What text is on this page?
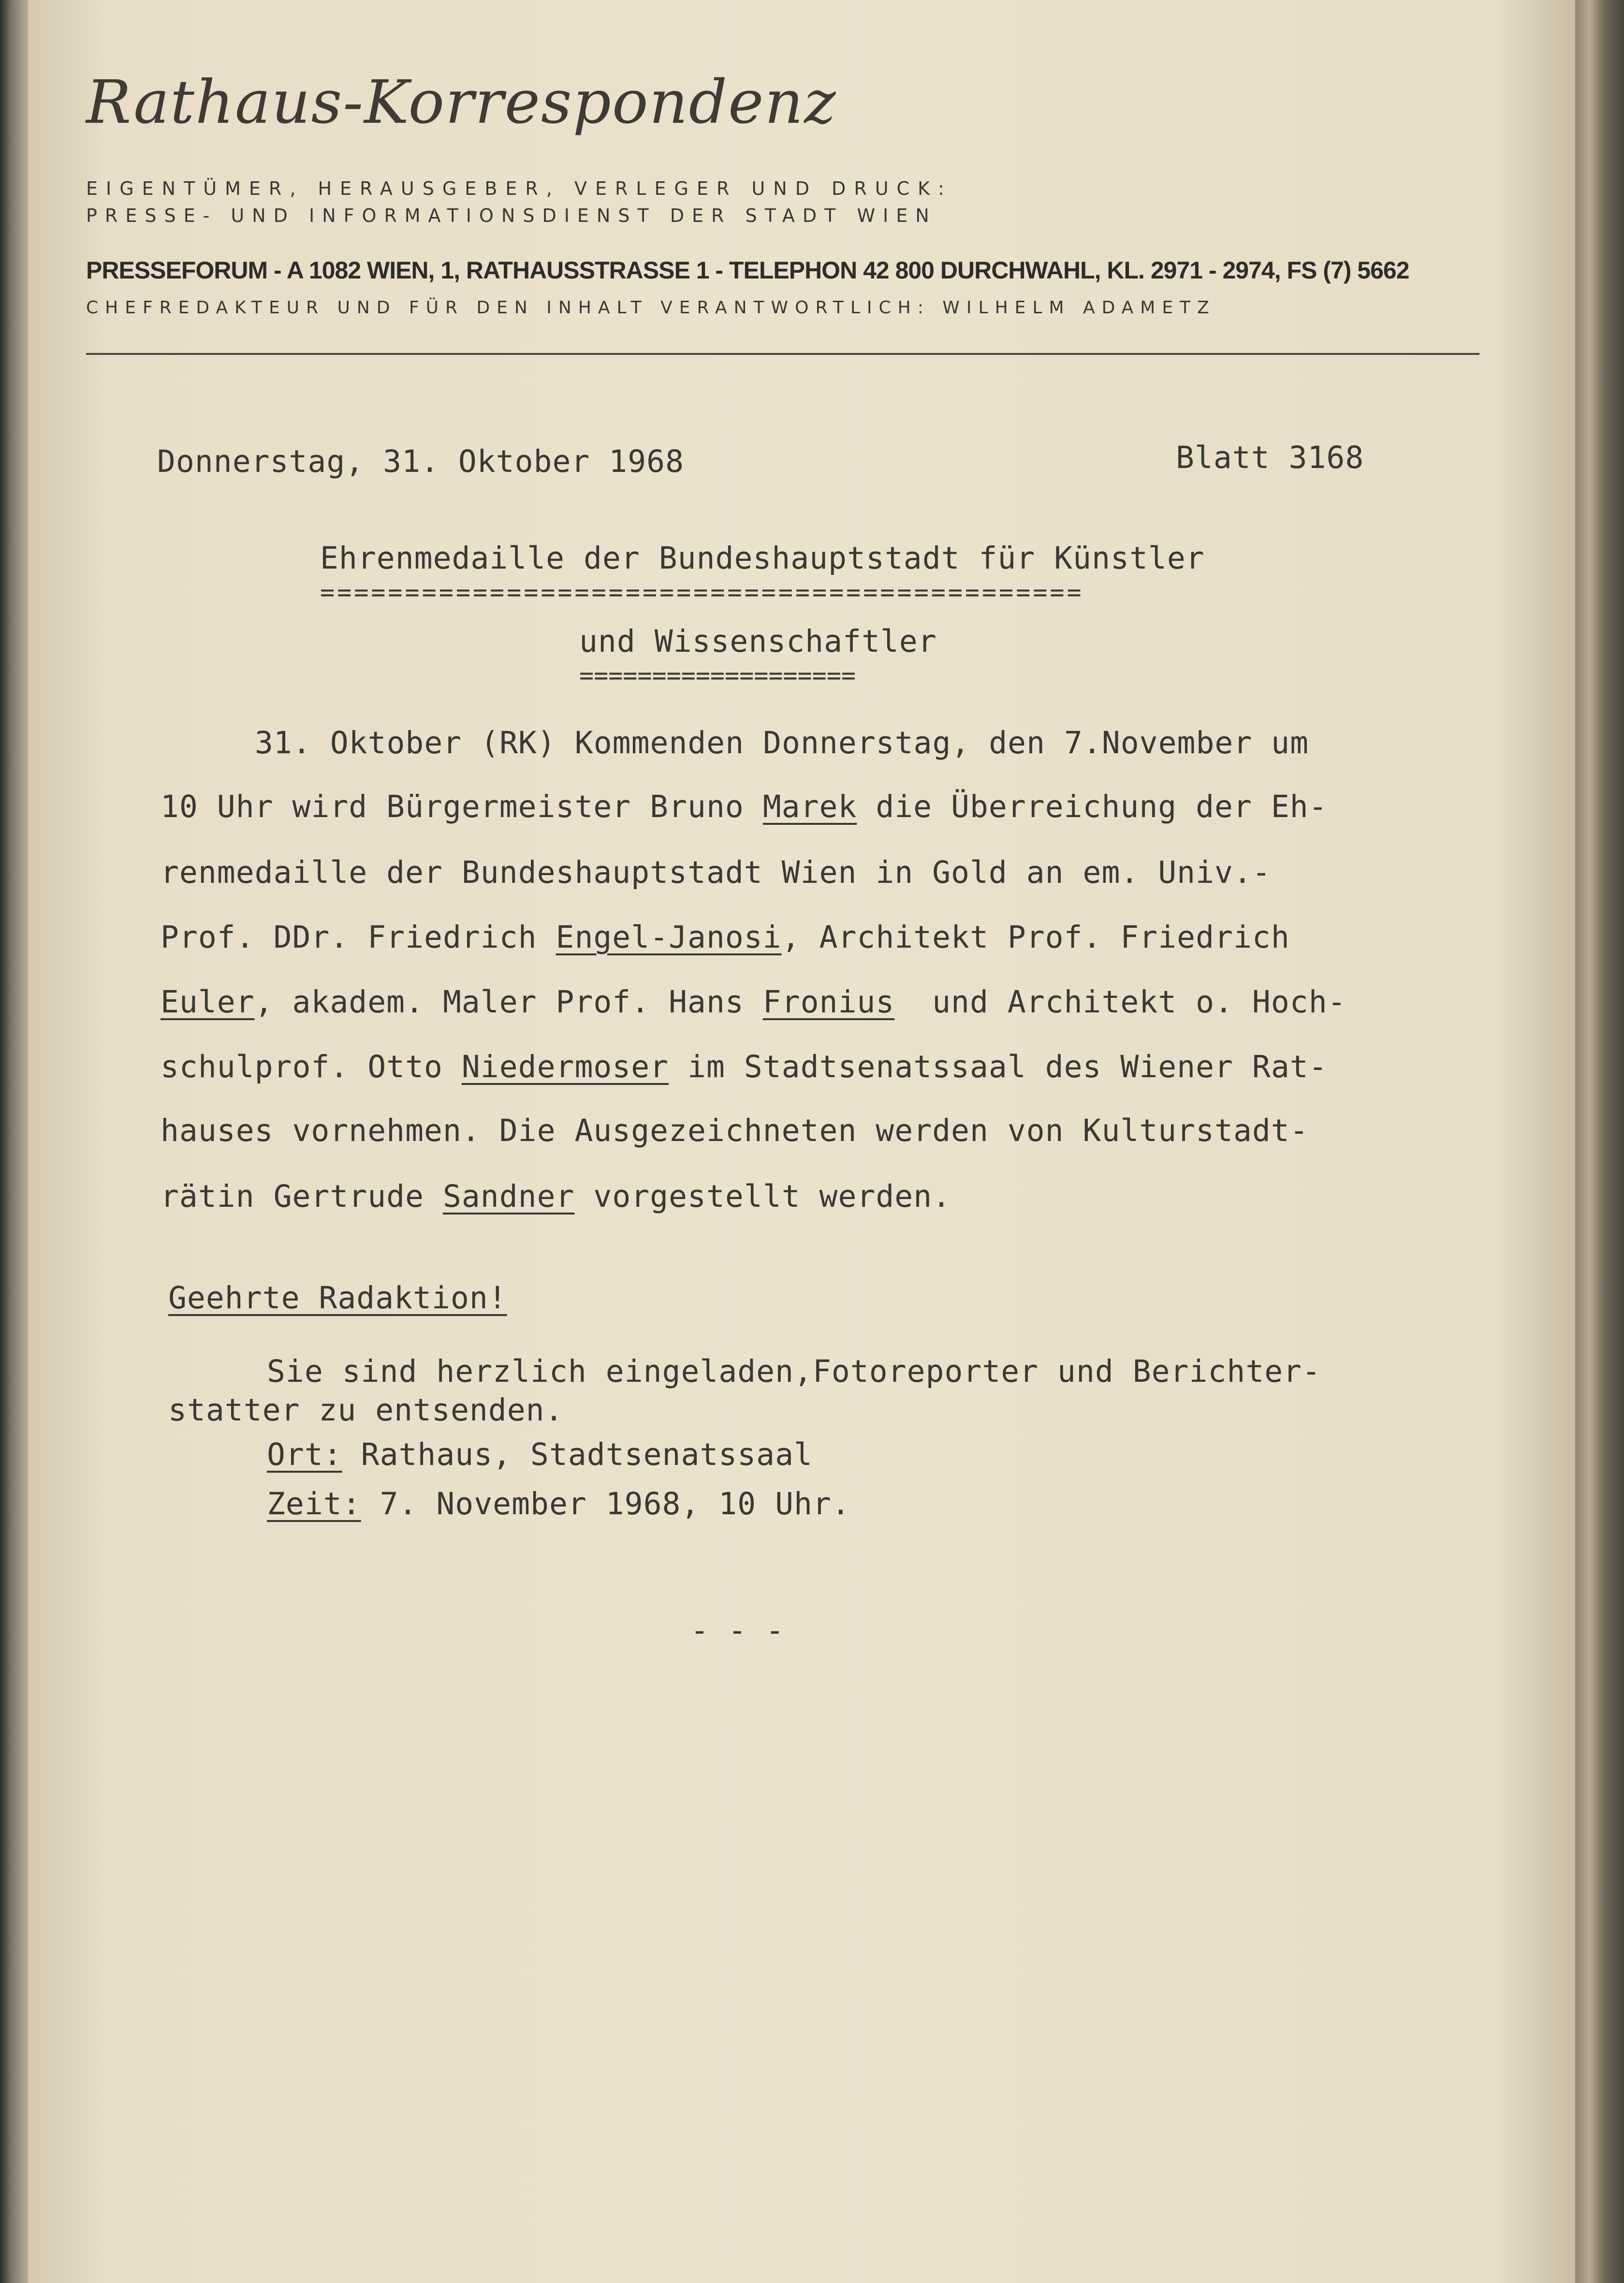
Rathaus-Korrespondenz
EIGENTÜMER, HERAUSGEBER, VERLEGER UND DRUCK:
PRESSE- UND INFORMATIONSDIENST DER STADT WIEN
PRESSEFORUM - A 1082 WIEN, 1, RATHAUSSTRASSE 1 - TELEPHON 42 800 DURCHWAHL, KL. 2971 - 2974, FS (7) 5662
CHEFREDAKTEUR UND FÜR DEN INHALT VERANTWORTLICH: WILHELM ADAMETZ
Donnerstag, 31. Oktober 1968	Blatt 3168
Ehrenmedaille der Bundeshauptstadt für Künstler
=============================================
und Wissenschaftler
===================
31. Oktober (RK) Kommenden Donnerstag, den 7.November um
10 Uhr wird Bürgermeister Bruno Marek die Überreichung der Eh-
renmedaille der Bundeshauptstadt Wien in Gold an em. Univ.-
Prof. DDr. Friedrich Engel-Janosi, Architekt Prof. Friedrich
Euler, akadem. Maler Prof. Hans Fronius  und Architekt o. Hoch-
schulprof. Otto Niedermoser im Stadtsenatssaal des Wiener Rat-
hauses vornehmen. Die Ausgezeichneten werden von Kulturstadt-
rätin Gertrude Sandner vorgestellt werden.
Geehrte Radaktion!
Sie sind herzlich eingeladen,Fotoreporter und Berichter-
statter zu entsenden.
Ort: Rathaus, Stadtsenatssaal
Zeit: 7. November 1968, 10 Uhr.
- - -
